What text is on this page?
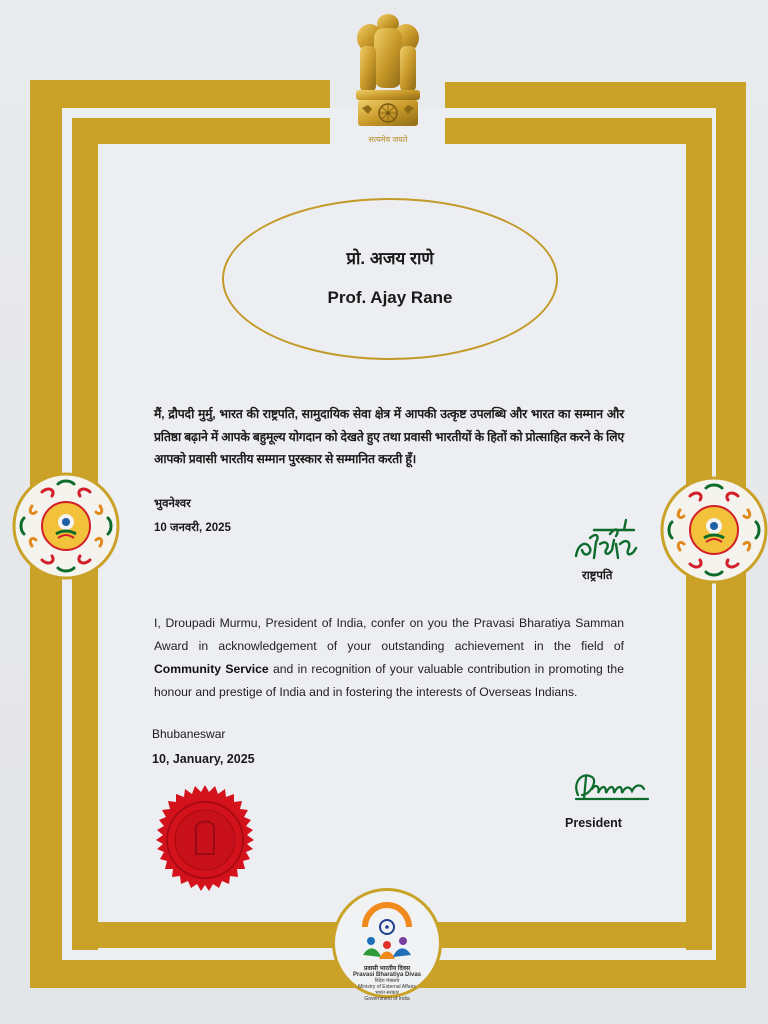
सत्यमेव जयते
प्रो. अजय राणे
Prof. Ajay Rane
मैं, द्रौपदी मुर्मु, भारत की राष्ट्रपति, सामुदायिक सेवा क्षेत्र में आपकी उत्कृष्ट उपलब्धि और भारत का सम्मान और प्रतिष्ठा बढ़ाने में आपके बहुमूल्य योगदान को देखते हुए तथा प्रवासी भारतीयों के हितों को प्रोत्साहित करने के लिए आपको प्रवासी भारतीय सम्मान पुरस्कार से सम्मानित करती हूँ।
भुवनेश्वर
10 जनवरी, 2025
राष्ट्रपति
I, Droupadi Murmu, President of India, confer on you the Pravasi Bharatiya Samman Award in acknowledgement of your outstanding achievement in the field of Community Service and in recognition of your valuable contribution in promoting the honour and prestige of India and in fostering the interests of Overseas Indians.
Bhubaneswar
10, January, 2025
President
प्रवासी भारतीय दिवस
Pravasi Bharatiya Divas
विदेश मंत्रालय
Ministry of External Affairs
भारत सरकार
Government of India
